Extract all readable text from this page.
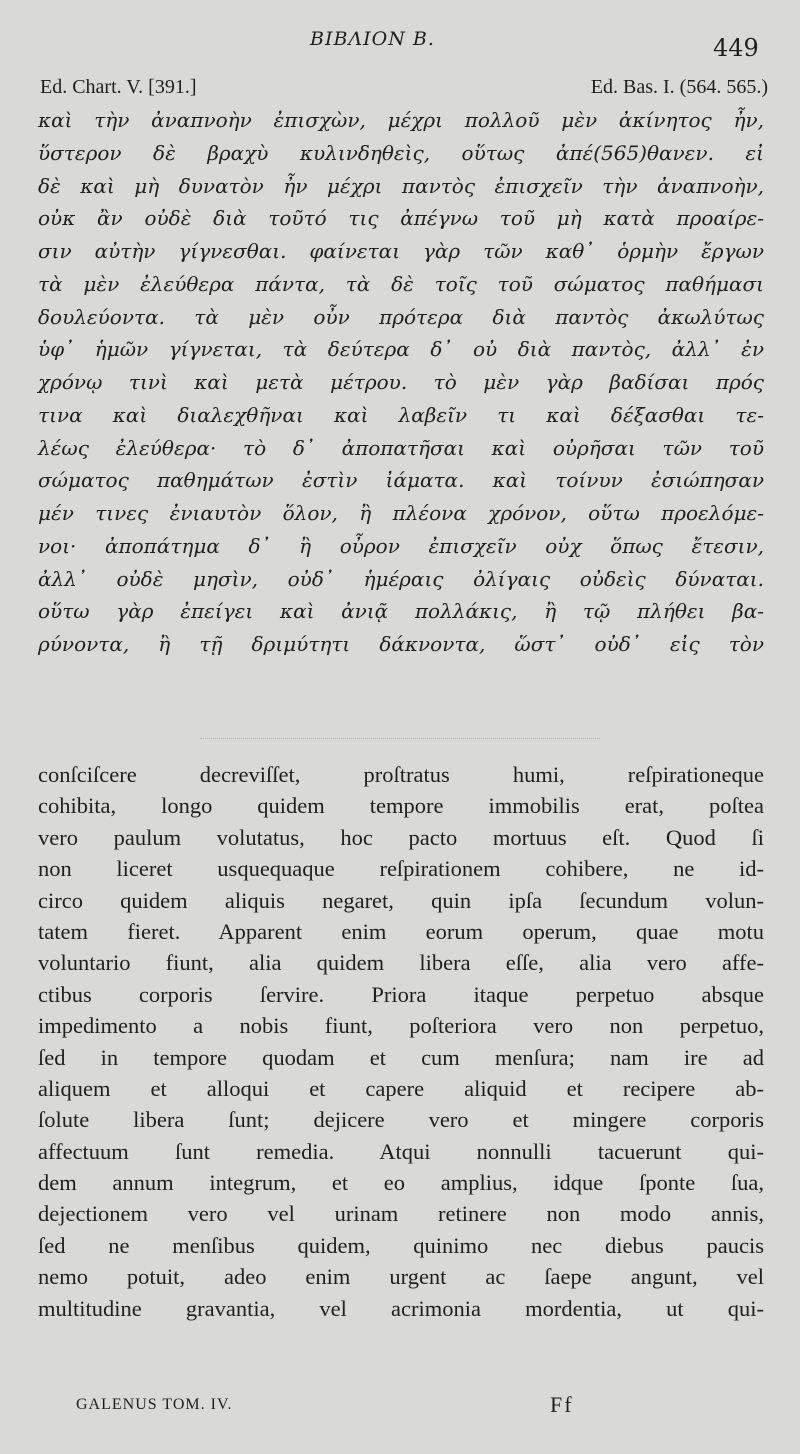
ΒΙΒΛΙΟΝ Β.	449
Ed. Chart. V. [391.]	Ed. Bas. I. (564. 565.)
καὶ τὴν ἀναπνοὴν ἐπισχὼν, μέχρι πολλοῦ μὲν ἀκίνητος ἦν,
ὕστερον δὲ βραχὺ κυλινδηθεὶς, οὕτως ἀπέ(565)θανεν. εἰ
δὲ καὶ μὴ δυνατὸν ἦν μέχρι παντὸς ἐπισχεῖν τὴν ἀναπνοὴν,
οὐκ ἂν οὐδὲ διὰ τοῦτό τις ἀπέγνω τοῦ μὴ κατὰ προαίρε-
σιν αὐτὴν γίγνεσθαι. φαίνεται γὰρ τῶν καθ᾽ ὁρμὴν ἔργων
τὰ μὲν ἐλεύθερα πάντα, τὰ δὲ τοῖς τοῦ σώματος παθήμασι
δουλεύοντα. τὰ μὲν οὖν πρότερα διὰ παντὸς ἀκωλύτως
ὑφ᾽ ἡμῶν γίγνεται, τὰ δεύτερα δ᾽ οὐ διὰ παντὸς, ἀλλ᾽ ἐν
χρόνῳ τινὶ καὶ μετὰ μέτρου. τὸ μὲν γὰρ βαδίσαι πρός
τινα καὶ διαλεχθῆναι καὶ λαβεῖν τι καὶ δέξασθαι τε-
λέως ἐλεύθερα· τὸ δ᾽ ἀποπατῆσαι καὶ οὐρῆσαι τῶν τοῦ
σώματος παθημάτων ἐστὶν ἰάματα. καὶ τοίνυν ἐσιώπησαν
μέν τινες ἐνιαυτὸν ὅλον, ἢ πλέονα χρόνον, οὕτω προελόμε-
νοι· ἀποπάτημα δ᾽ ἢ οὖρον ἐπισχεῖν οὐχ ὅπως ἔτεσιν,
ἀλλ᾽ οὐδὲ μησὶν, οὐδ᾽ ἡμέραις ὀλίγαις οὐδεὶς δύναται.
οὕτω γὰρ ἐπείγει καὶ ἀνιᾷ πολλάκις, ἢ τῷ πλήθει βα-
ρύνοντα, ἢ τῇ δριμύτητι δάκνοντα, ὥστ᾽ οὐδ᾽ εἰς τὸν
conſciſcere decreviſſet, proſtratus humi, reſpirationeque
cohibita, longo quidem tempore immobilis erat, poſtea
vero paulum volutatus, hoc pacto mortuus eſt. Quod ſi
non liceret usquequaque reſpirationem cohibere, ne id-
circo quidem aliquis negaret, quin ipſa ſecundum volun-
tatem fieret. Apparent enim eorum operum, quae motu
voluntario fiunt, alia quidem libera eſſe, alia vero affe-
ctibus corporis ſervire. Priora itaque perpetuo absque
impedimento a nobis fiunt, poſteriora vero non perpetuo,
ſed in tempore quodam et cum menſura; nam ire ad
aliquem et alloqui et capere aliquid et recipere ab-
ſolute libera ſunt; dejicere vero et mingere corporis
affectuum ſunt remedia. Atqui nonnulli tacuerunt qui-
dem annum integrum, et eo amplius, idque ſponte ſua,
dejectionem vero vel urinam retinere non modo annis,
ſed ne menſibus quidem, quinimo nec diebus paucis
nemo potuit, adeo enim urgent ac ſaepe angunt, vel
multitudine gravantia, vel acrimonia mordentia, ut qui-
GALENUS TOM. IV.	Ff
